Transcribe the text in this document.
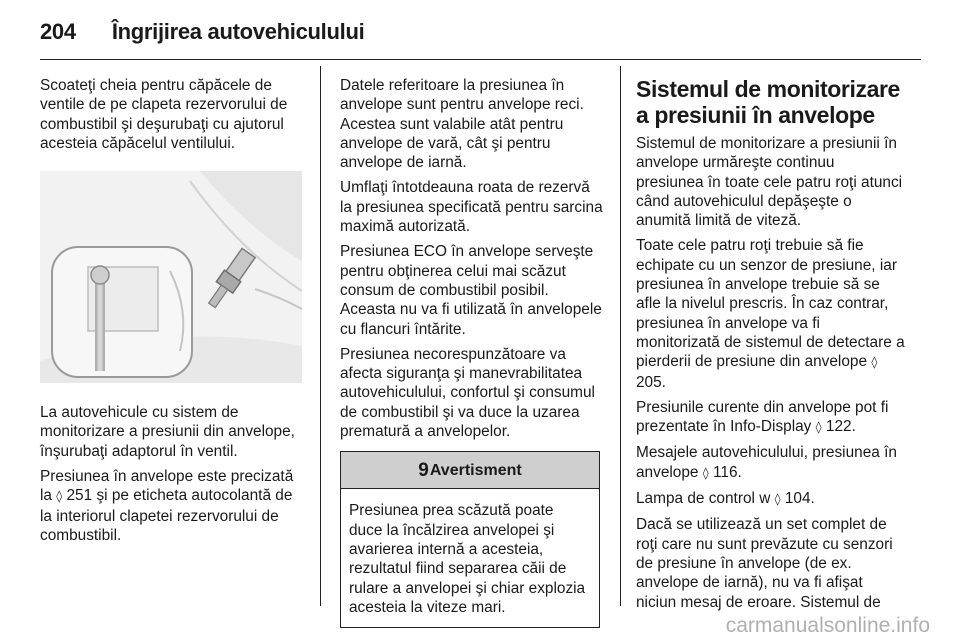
204 Îngrijirea autovehiculului

Scoateţi cheia pentru căpăcele de ventile de pe clapeta rezervorului de combustibil şi deşurubaţi cu ajutorul acesteia căpăcelul ventilului.

La autovehicule cu sistem de monitorizare a presiunii din anvelope, înşurubaţi adaptorul în ventil.

Presiunea în anvelope este precizată la ◊ 251 şi pe eticheta autocolantă de la interiorul clapetei rezervorului de combustibil.

Datele referitoare la presiunea în anvelope sunt pentru anvelope reci. Acestea sunt valabile atât pentru anvelope de vară, cât şi pentru anvelope de iarnă.

Umflaţi întotdeauna roata de rezervă la presiunea specificată pentru sarcina maximă autorizată.

Presiunea ECO în anvelope serveşte pentru obţinerea celui mai scăzut consum de combustibil posibil. Aceasta nu va fi utilizată în anvelopele cu flancuri întărite.

Presiunea necorespunzătoare va afecta siguranţa şi manevrabilitatea autovehiculului, confortul şi consumul de combustibil şi va duce la uzarea prematură a anvelopelor.

9 Avertisment
Presiunea prea scăzută poate duce la încălzirea anvelopei şi avarierea internă a acesteia, rezultatul fiind separarea căii de rulare a anvelopei şi chiar explozia acesteia la viteze mari.
Sistemul de monitorizare a presiunii în anvelope

Sistemul de monitorizare a presiunii în anvelope urmăreşte continuu presiunea în toate cele patru roţi atunci când autovehiculul depăşeşte o anumită limită de viteză.

Toate cele patru roţi trebuie să fie echipate cu un senzor de presiune, iar presiunea în anvelope trebuie să se afle la nivelul prescris. În caz contrar, presiunea în anvelope va fi monitorizată de sistemul de detectare a pierderii de presiune din anvelope ◊ 205.

Presiunile curente din anvelope pot fi prezentate în Info-Display ◊ 122.

Mesajele autovehiculului, presiunea în anvelope ◊ 116.

Lampa de control w ◊ 104.

Dacă se utilizează un set complet de roţi care nu sunt prevăzute cu senzori de presiune în anvelope (de ex. anvelope de iarnă), nu va fi afişat niciun mesaj de eroare. Sistemul de

carmanualsonline.info
